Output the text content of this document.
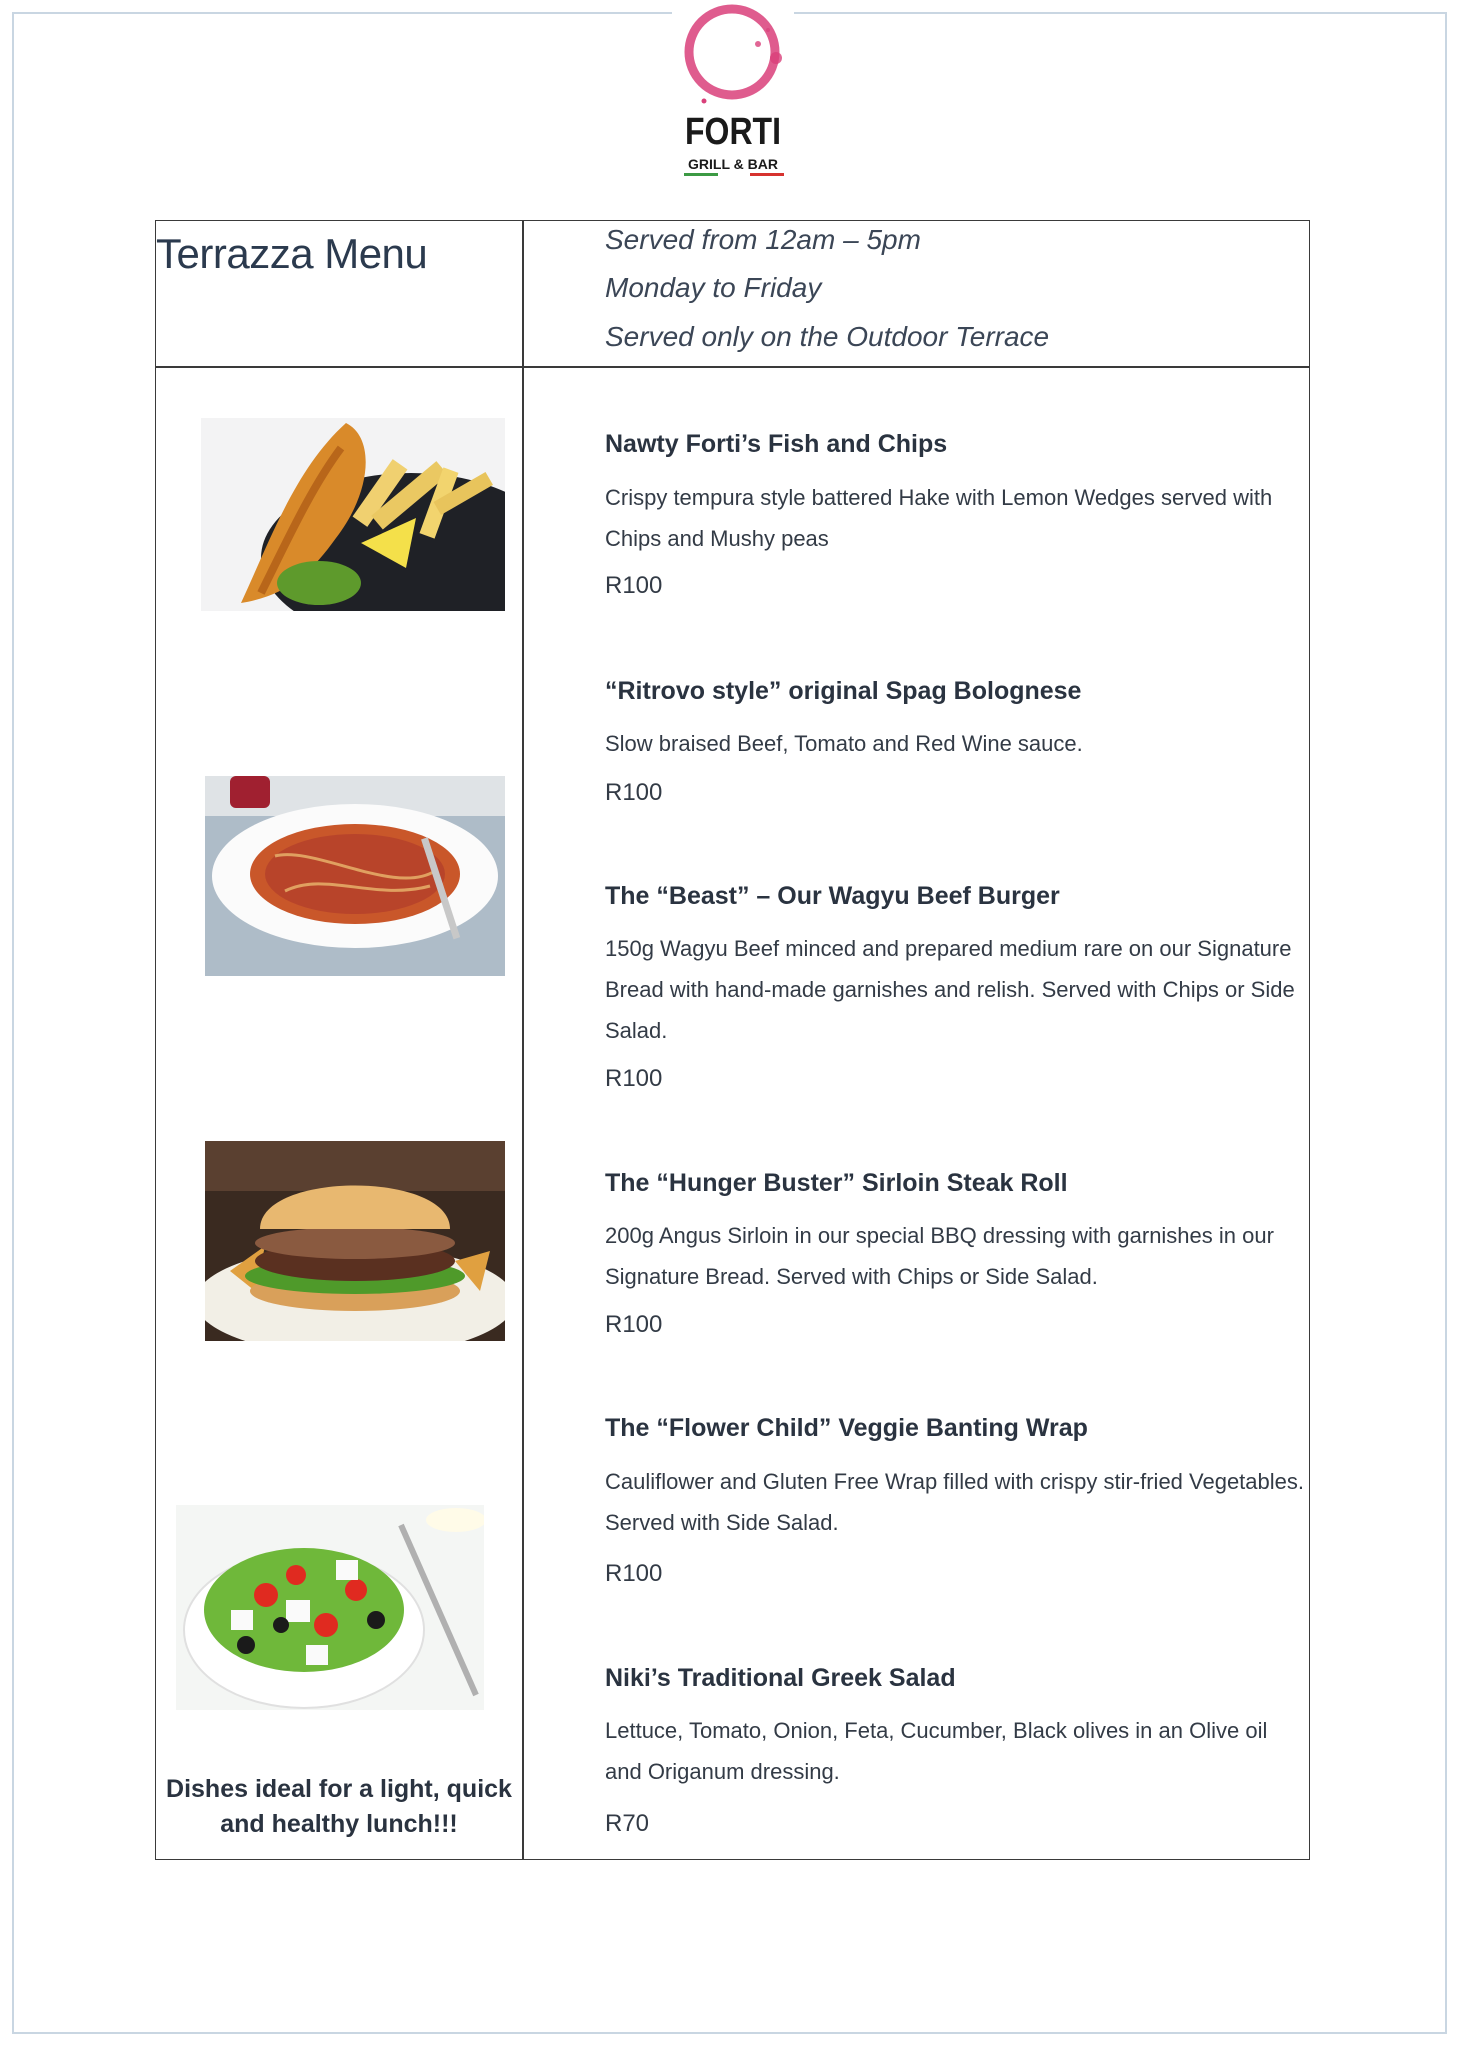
FORTI
GRILL & BAR
Terrazza Menu	Served from 12am – 5pm
Monday to Friday
Served only on the Outdoor Terrace
Nawty Forti’s Fish and Chips
Crispy tempura style battered Hake with Lemon Wedges served with Chips and Mushy peas
R100
“Ritrovo style” original Spag Bolognese
Slow braised Beef, Tomato and Red Wine sauce.
R100
The “Beast” – Our Wagyu Beef Burger
150g Wagyu Beef minced and prepared medium rare on our Signature Bread with hand-made garnishes and relish. Served with Chips or Side Salad.
R100
The “Hunger Buster” Sirloin Steak Roll
200g Angus Sirloin in our special BBQ dressing with garnishes in our Signature Bread. Served with Chips or Side Salad.
R100
The “Flower Child” Veggie Banting Wrap
Cauliflower and Gluten Free Wrap filled with crispy stir-fried Vegetables. Served with Side Salad.
R100
Niki’s Traditional Greek Salad
Lettuce, Tomato, Onion, Feta, Cucumber, Black olives in an Olive oil and Origanum dressing.
R70
Dishes ideal for a light, quick and healthy lunch!!!
